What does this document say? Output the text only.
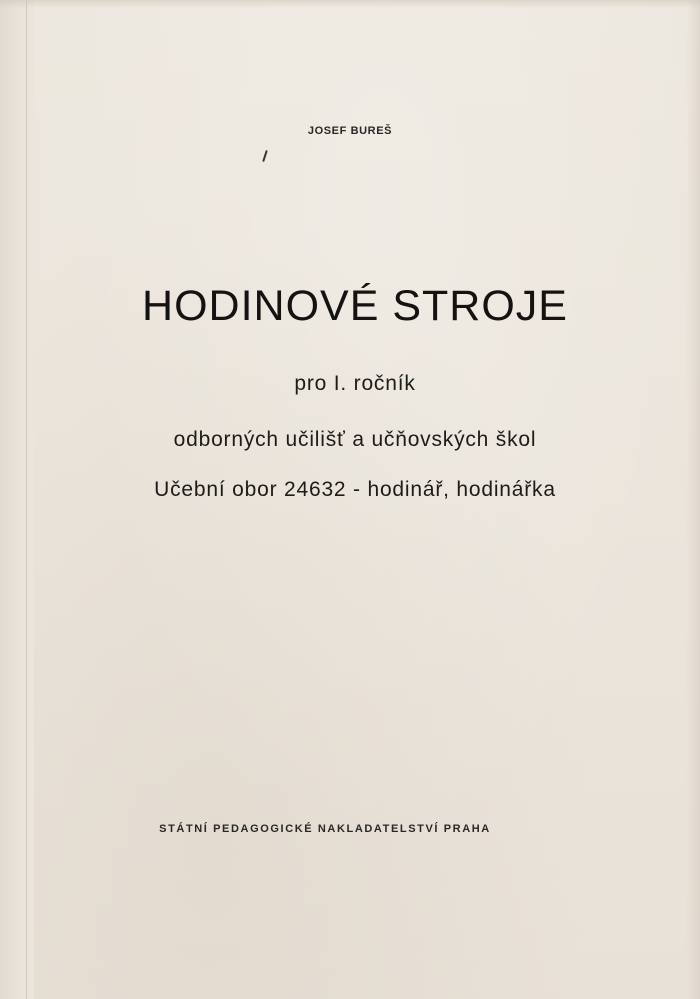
JOSEF BUREŠ
HODINOVÉ STROJE
pro I. ročník
odborných učilišť a učňovských škol
Učební obor 24632 - hodinář, hodinářka
STÁTNÍ PEDAGOGICKÉ NAKLADATELSTVÍ PRAHA
